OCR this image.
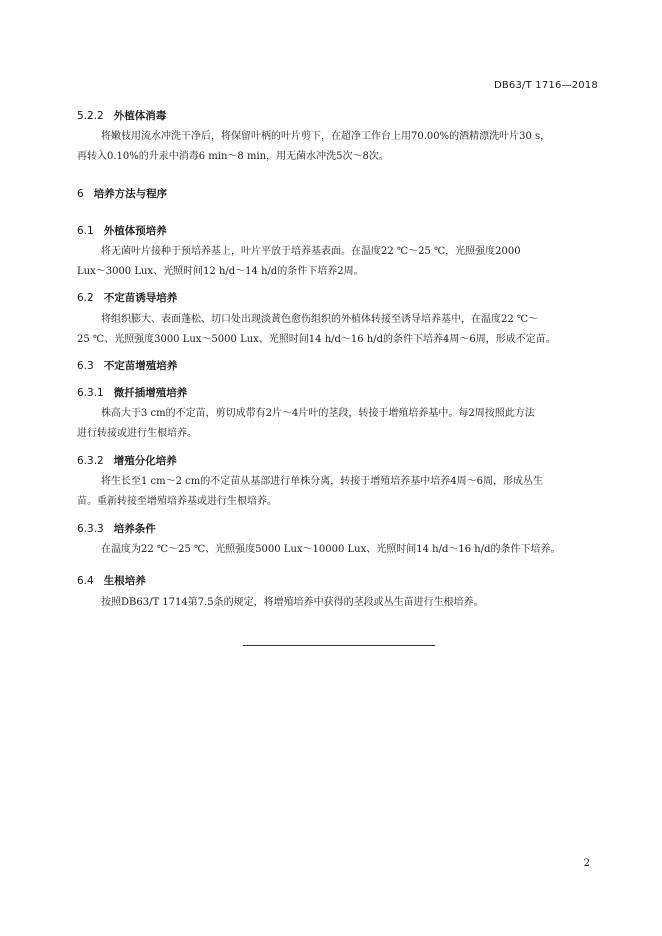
DB63/T 1716—2018
5.2.2 外植体消毒

将嫩枝用流水冲洗干净后，将保留叶柄的叶片剪下，在超净工作台上用70.00%的酒精漂洗叶片30 s，

再转入0.10%的升汞中消毒6 min～8 min，用无菌水冲洗5次～8次。

6 培养方法与程序
6.1 外植体预培养

将无菌叶片接种于预培养基上，叶片平放于培养基表面。在温度22 ℃～25 ℃，光照强度2000

Lux～3000 Lux、光照时间12 h/d～14 h/d的条件下培养2周。

6.2 不定苗诱导培养

将组织膨大、表面蓬松、切口处出现淡黄色愈伤组织的外植体转接至诱导培养基中，在温度22 ℃～

25 ℃、光照强度3000 Lux～5000 Lux、光照时间14 h/d～16 h/d的条件下培养4周～6周，形成不定苗。

6.3 不定苗增殖培养
6.3.1 微扦插增殖培养

株高大于3 cm的不定苗，剪切成带有2片～4片叶的茎段，转接于增殖培养基中。每2周按照此方法

进行转接或进行生根培养。

6.3.2 增殖分化培养

将生长至1 cm～2 cm的不定苗从基部进行单株分离，转接于增殖培养基中培养4周～6周，形成丛生

苗。重新转接至增殖培养基或进行生根培养。

6.3.3 培养条件

在温度为22 ℃～25 ℃、光照强度5000 Lux～10000 Lux、光照时间14 h/d～16 h/d的条件下培养。

6.4 生根培养

按照DB63/T 1714第7.5条的规定，将增殖培养中获得的茎段或丛生苗进行生根培养。

2
